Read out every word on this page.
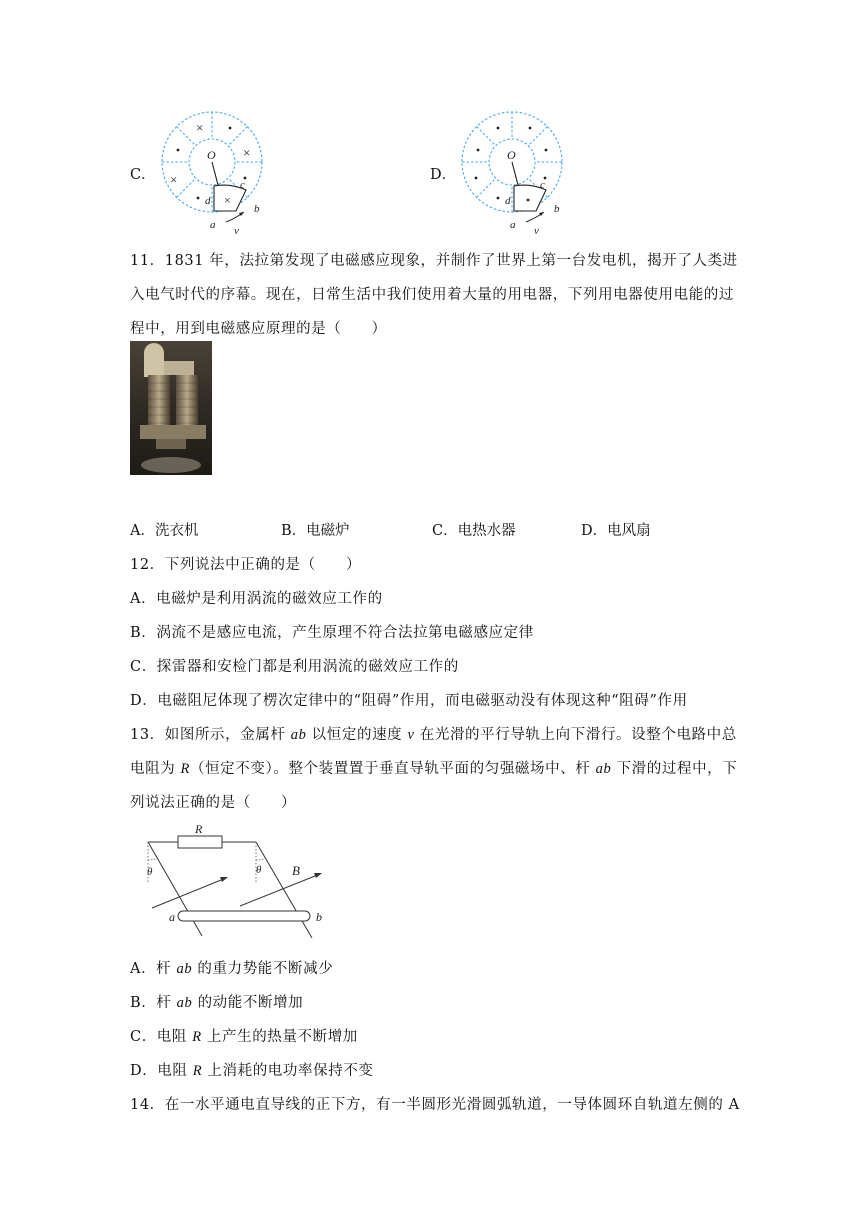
C．
×
×
×
×
O
c
d
b
a v
D．
O
c
d
b
a v
11．1831 年，法拉第发现了电磁感应现象，并制作了世界上第一台发电机，揭开了人类进
入电气时代的序幕。现在，日常生活中我们使用着大量的用电器，下列用电器使用电能的过
程中，用到电磁感应原理的是（　　）
A．洗衣机	B．电磁炉	C．电热水器	D．电风扇
12．下列说法中正确的是（　　）
A．电磁炉是利用涡流的磁效应工作的
B．涡流不是感应电流，产生原理不符合法拉第电磁感应定律
C．探雷器和安检门都是利用涡流的磁效应工作的
D．电磁阻尼体现了楞次定律中的“阻碍”作用，而电磁驱动没有体现这种“阻碍”作用
13．如图所示，金属杆 ab 以恒定的速度 v 在光滑的平行导轨上向下滑行。设整个电路中总
电阻为 R（恒定不变）。整个装置置于垂直导轨平面的匀强磁场中、杆 ab 下滑的过程中，下
列说法正确的是（　　）
R
θ	θ B
a	b
A．杆 ab 的重力势能不断减少
B．杆 ab 的动能不断增加
C．电阻 R 上产生的热量不断增加
D．电阻 R 上消耗的电功率保持不变
14．在一水平通电直导线的正下方，有一半圆形光滑圆弧轨道，一导体圆环自轨道左侧的 A
